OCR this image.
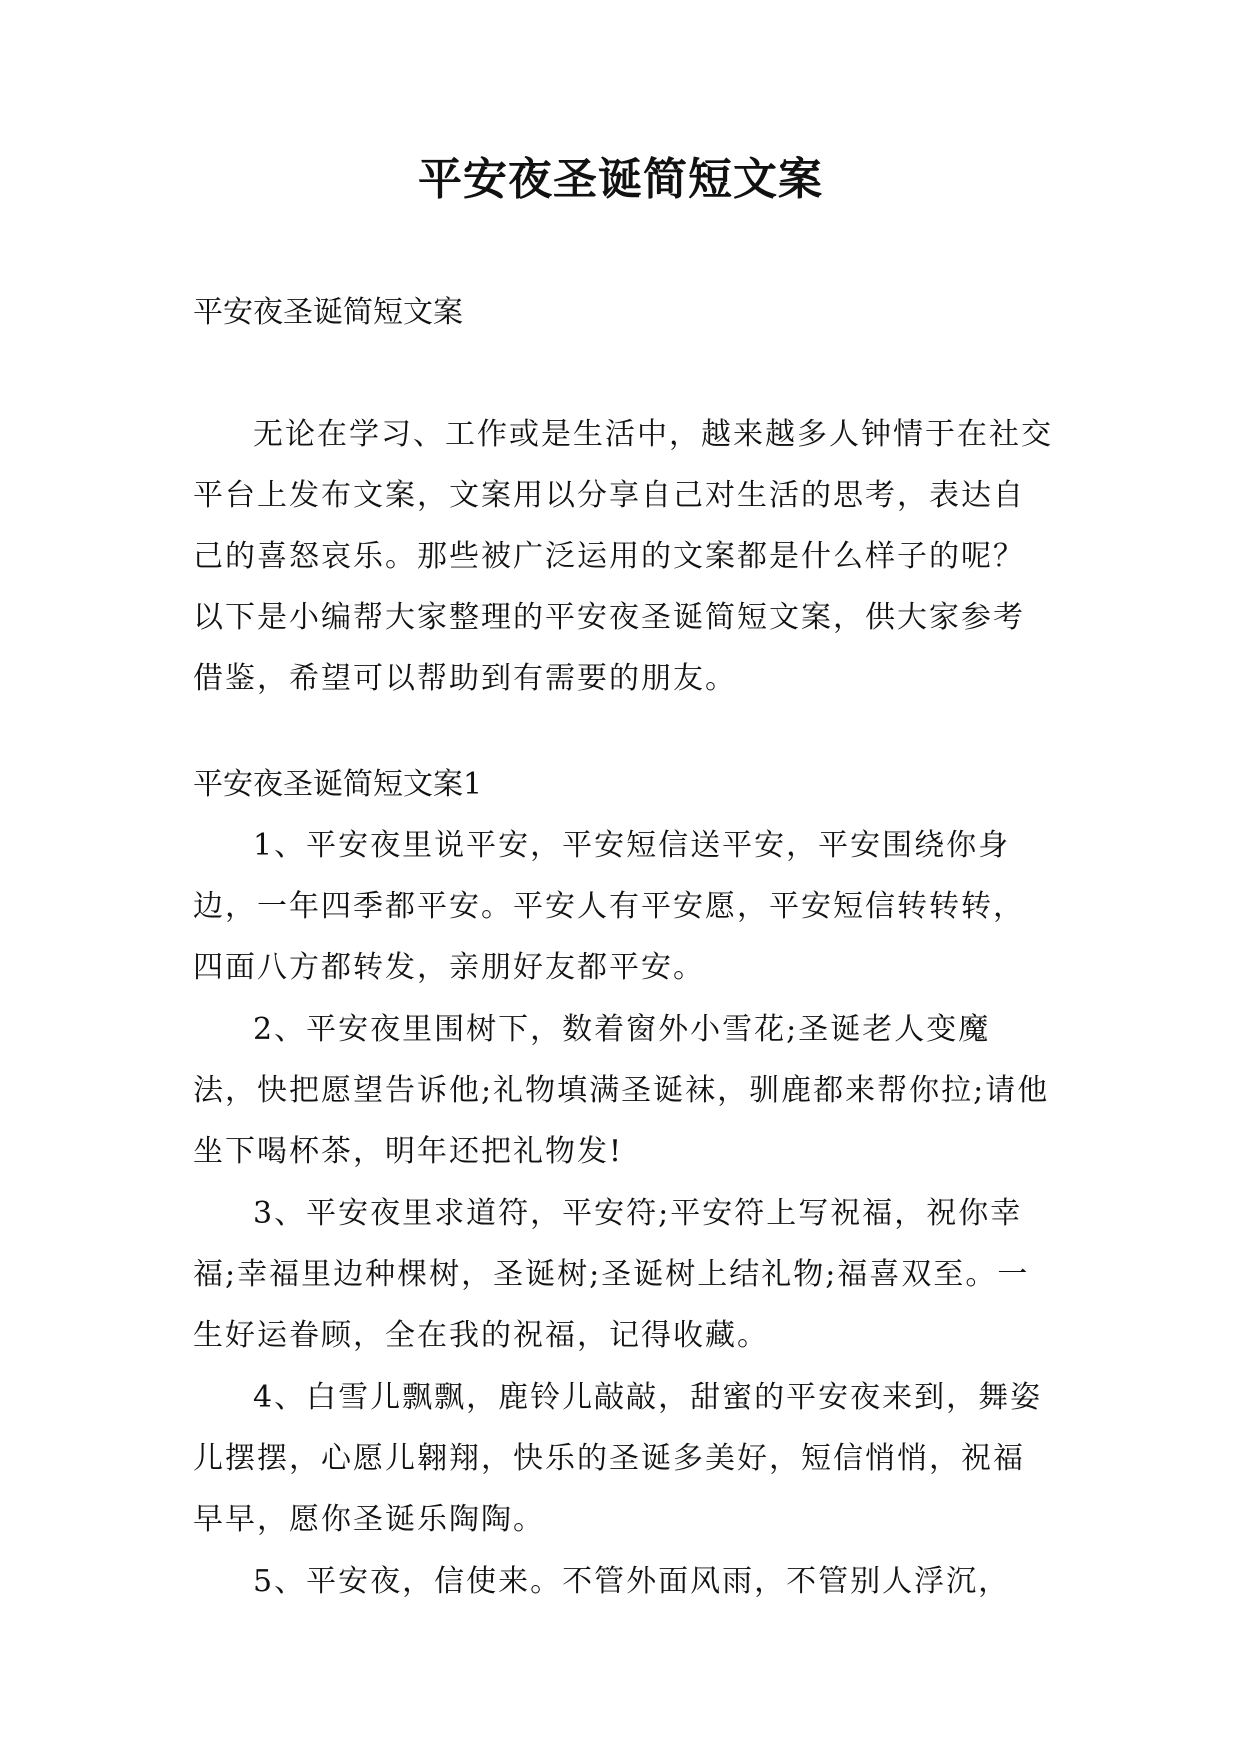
平安夜圣诞简短文案

平安夜圣诞简短文案

无论在学习、工作或是生活中，越来越多人钟情于在社交平台上发布文案，文案用以分享自己对生活的思考，表达自己的喜怒哀乐。那些被广泛运用的文案都是什么样子的呢？以下是小编帮大家整理的平安夜圣诞简短文案，供大家参考借鉴，希望可以帮助到有需要的朋友。

平安夜圣诞简短文案1

1、平安夜里说平安，平安短信送平安，平安围绕你身边，一年四季都平安。平安人有平安愿，平安短信转转转，四面八方都转发，亲朋好友都平安。

2、平安夜里围树下，数着窗外小雪花;圣诞老人变魔法，快把愿望告诉他;礼物填满圣诞袜，驯鹿都来帮你拉;请他坐下喝杯茶，明年还把礼物发!

3、平安夜里求道符，平安符;平安符上写祝福，祝你幸福;幸福里边种棵树，圣诞树;圣诞树上结礼物;福喜双至。一生好运眷顾，全在我的祝福，记得收藏。

4、白雪儿飘飘，鹿铃儿敲敲，甜蜜的平安夜来到，舞姿儿摆摆，心愿儿翱翔，快乐的圣诞多美好，短信悄悄，祝福早早，愿你圣诞乐陶陶。

5、平安夜，信使来。不管外面风雨，不管别人浮沉，
